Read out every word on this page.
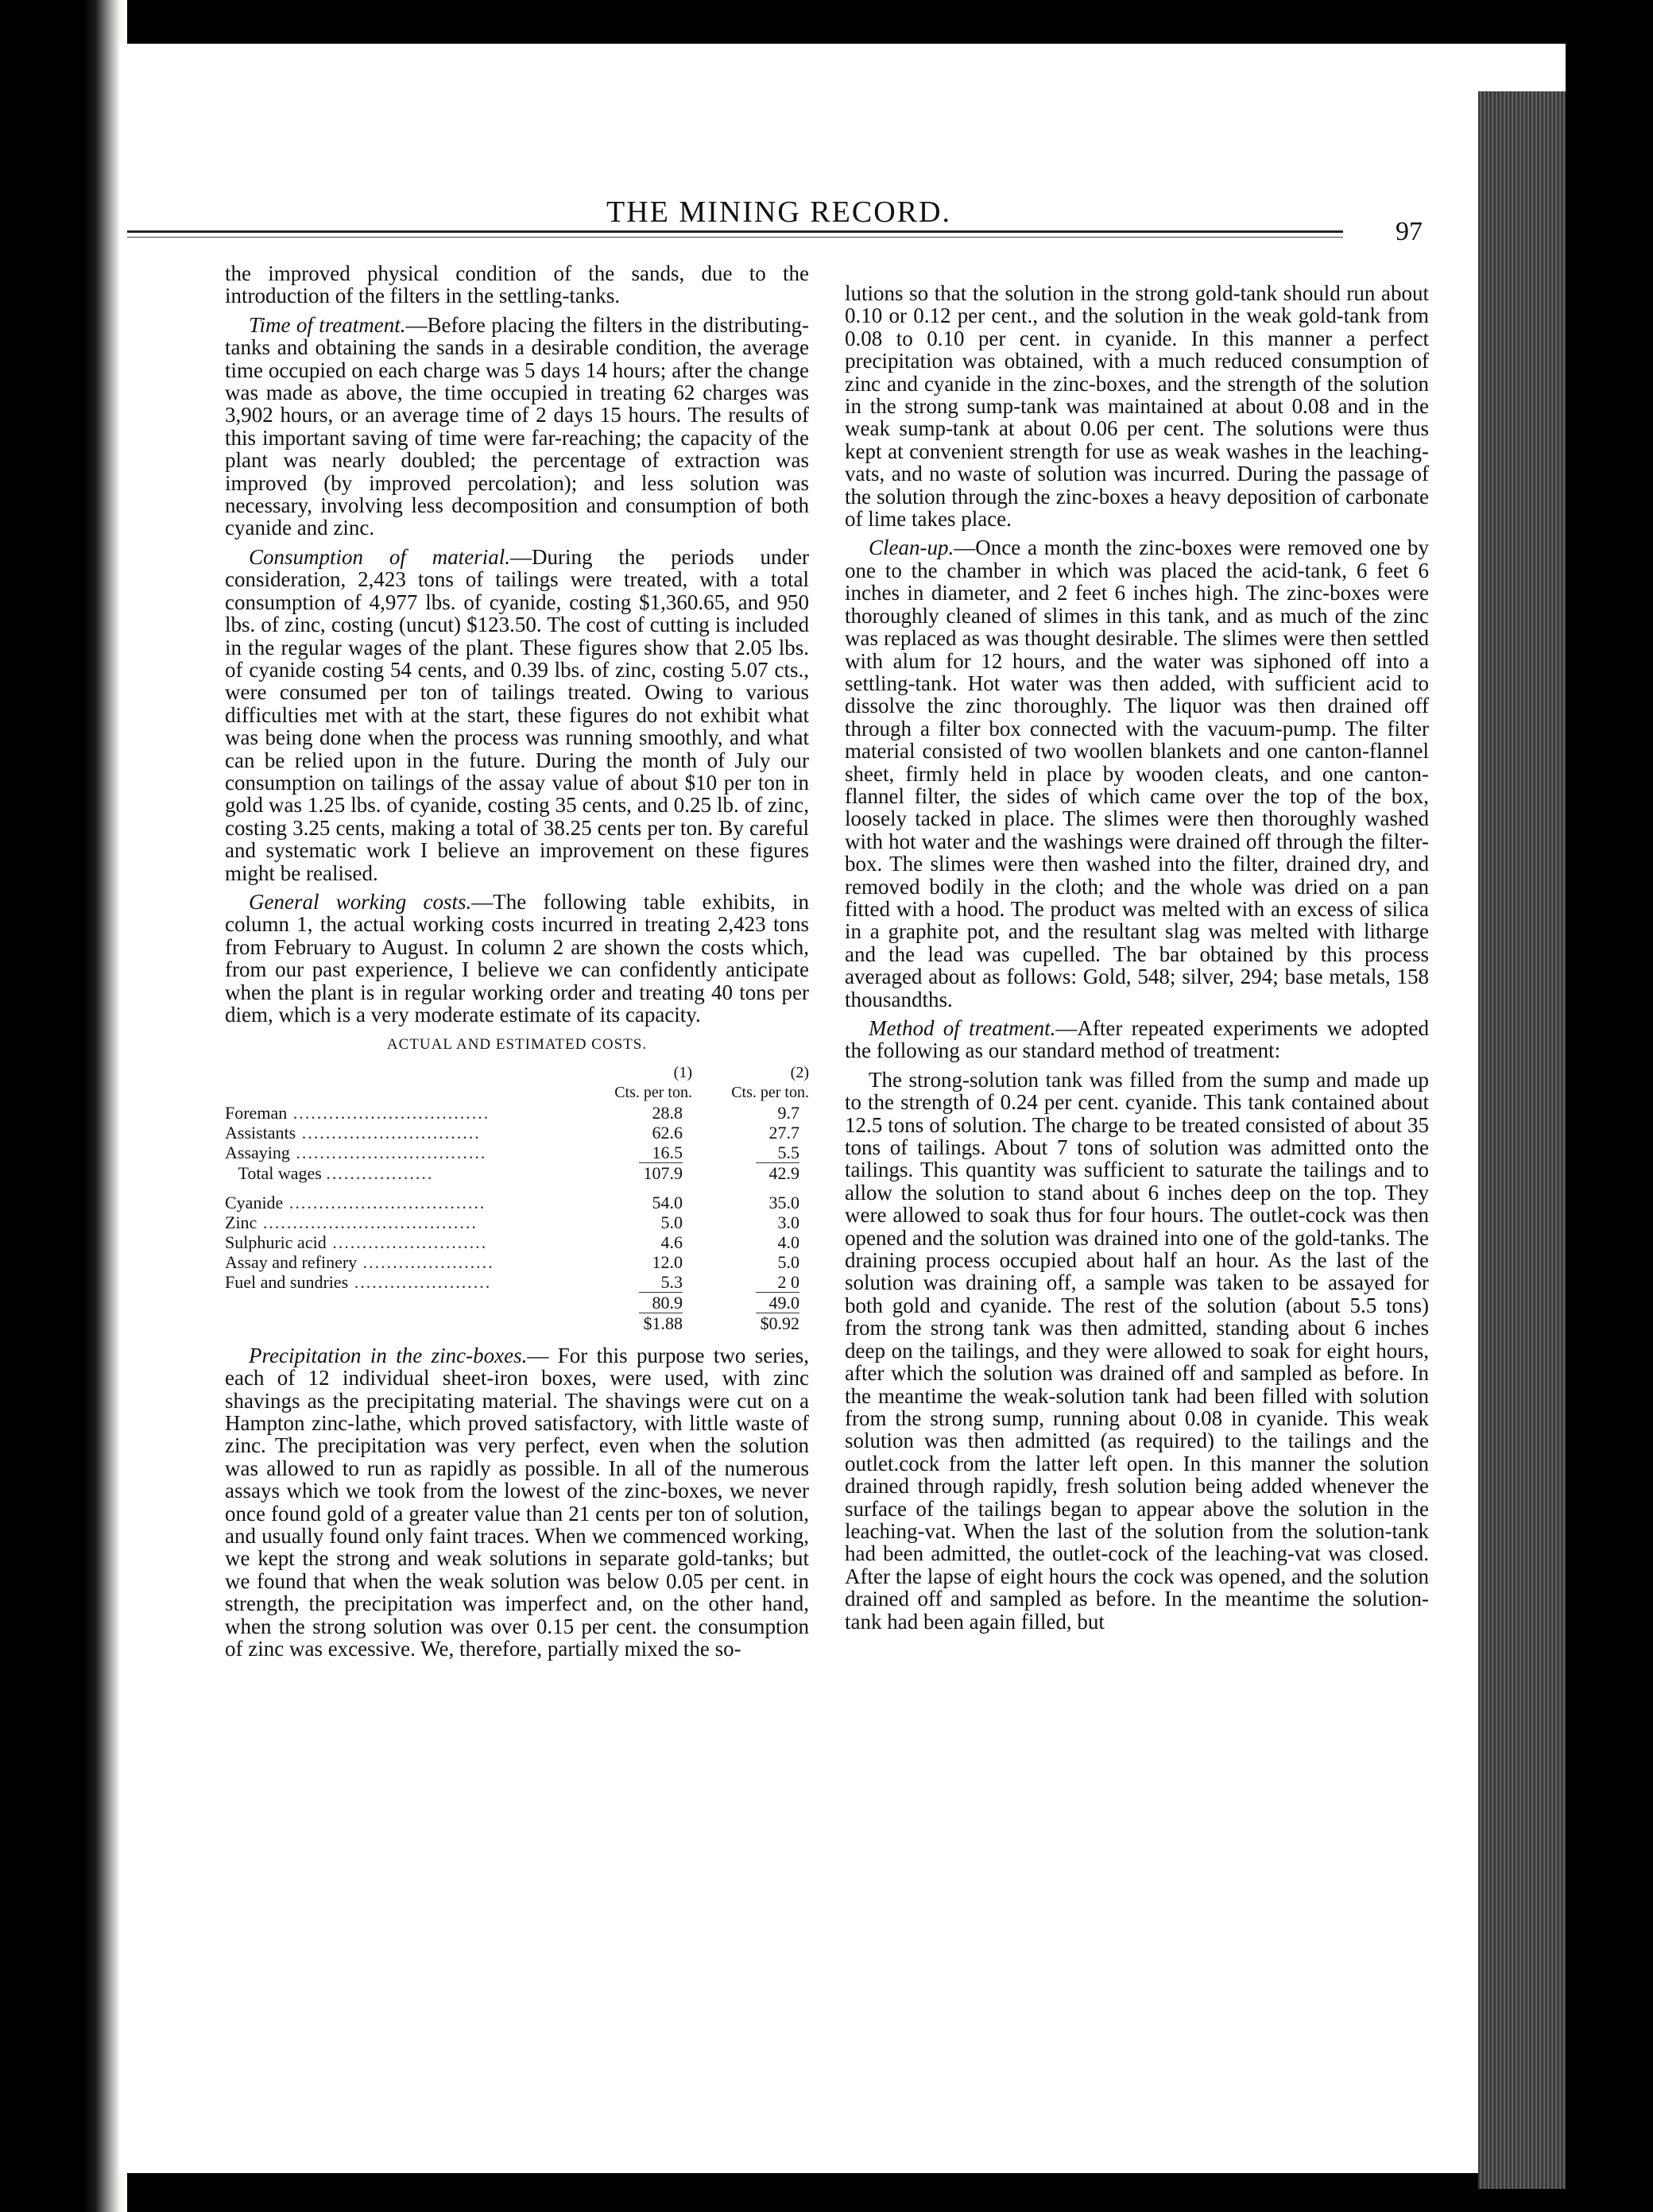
THE MINING RECORD.
97

the improved physical condition of the sands, due to the introduction of the filters in the settling-tanks.

Time of treatment.—Before placing the filters in the distributing-tanks and obtaining the sands in a desirable condition, the average time occupied on each charge was 5 days 14 hours; after the change was made as above, the time occupied in treating 62 charges was 3,902 hours, or an average time of 2 days 15 hours. The results of this important saving of time were far-reaching; the capacity of the plant was nearly doubled; the percentage of extraction was improved (by improved percolation); and less solution was necessary, involving less decomposition and consumption of both cyanide and zinc.

Consumption of material.—During the periods under consideration, 2,423 tons of tailings were treated, with a total consumption of 4,977 lbs. of cyanide, costing $1,360.65, and 950 lbs. of zinc, costing (uncut) $123.50. The cost of cutting is included in the regular wages of the plant. These figures show that 2.05 lbs. of cyanide costing 54 cents, and 0.39 lbs. of zinc, costing 5.07 cts., were consumed per ton of tailings treated. Owing to various difficulties met with at the start, these figures do not exhibit what was being done when the process was running smoothly, and what can be relied upon in the future. During the month of July our consumption on tailings of the assay value of about $10 per ton in gold was 1.25 lbs. of cyanide, costing 35 cents, and 0.25 lb. of zinc, costing 3.25 cents, making a total of 38.25 cents per ton. By careful and systematic work I believe an improvement on these figures might be realised.

General working costs.—The following table exhibits, in column 1, the actual working costs incurred in treating 2,423 tons from February to August. In column 2 are shown the costs which, from our past experience, I believe we can confidently anticipate when the plant is in regular working order and treating 40 tons per diem, which is a very moderate estimate of its capacity.

ACTUAL AND ESTIMATED COSTS.
	(1)	(2)
	Cts. per ton.	Cts. per ton.
Foreman .................................	28.8	9.7
Assistants ..............................	62.6	27.7
Assaying ................................	16.5	5.5

Total wages ..................	107.9	42.9

Cyanide .................................	54.0	35.0
Zinc ....................................	5.0	3.0
Sulphuric acid ..........................	4.6	4.0
Assay and refinery ......................	12.0	5.0
Fuel and sundries .......................	5.3	2 0

	80.9	49.0

	$1.88	$0.92

Precipitation in the zinc-boxes.— For this purpose two series, each of 12 individual sheet-iron boxes, were used, with zinc shavings as the precipitating material. The shavings were cut on a Hampton zinc-lathe, which proved satisfactory, with little waste of zinc. The precipitation was very perfect, even when the solution was allowed to run as rapidly as possible. In all of the numerous assays which we took from the lowest of the zinc-boxes, we never once found gold of a greater value than 21 cents per ton of solution, and usually found only faint traces. When we commenced working, we kept the strong and weak solutions in separate gold-tanks; but we found that when the weak solution was below 0.05 per cent. in strength, the precipitation was imperfect and, on the other hand, when the strong solution was over 0.15 per cent. the consumption of zinc was excessive. We, therefore, partially mixed the so-

lutions so that the solution in the strong gold-tank should run about 0.10 or 0.12 per cent., and the solution in the weak gold-tank from 0.08 to 0.10 per cent. in cyanide. In this manner a perfect precipitation was obtained, with a much reduced consumption of zinc and cyanide in the zinc-boxes, and the strength of the solution in the strong sump-tank was maintained at about 0.08 and in the weak sump-tank at about 0.06 per cent. The solutions were thus kept at convenient strength for use as weak washes in the leaching-vats, and no waste of solution was incurred. During the passage of the solution through the zinc-boxes a heavy deposition of carbonate of lime takes place.

Clean-up.—Once a month the zinc-boxes were removed one by one to the chamber in which was placed the acid-tank, 6 feet 6 inches in diameter, and 2 feet 6 inches high. The zinc-boxes were thoroughly cleaned of slimes in this tank, and as much of the zinc was replaced as was thought desirable. The slimes were then settled with alum for 12 hours, and the water was siphoned off into a settling-tank. Hot water was then added, with sufficient acid to dissolve the zinc thoroughly. The liquor was then drained off through a filter box connected with the vacuum-pump. The filter material consisted of two woollen blankets and one canton-flannel sheet, firmly held in place by wooden cleats, and one canton-flannel filter, the sides of which came over the top of the box, loosely tacked in place. The slimes were then thoroughly washed with hot water and the washings were drained off through the filter-box. The slimes were then washed into the filter, drained dry, and removed bodily in the cloth; and the whole was dried on a pan fitted with a hood. The product was melted with an excess of silica in a graphite pot, and the resultant slag was melted with litharge and the lead was cupelled. The bar obtained by this process averaged about as follows: Gold, 548; silver, 294; base metals, 158 thousandths.

Method of treatment.—After repeated experiments we adopted the following as our standard method of treatment:

The strong-solution tank was filled from the sump and made up to the strength of 0.24 per cent. cyanide. This tank contained about 12.5 tons of solution. The charge to be treated consisted of about 35 tons of tailings. About 7 tons of solution was admitted onto the tailings. This quantity was sufficient to saturate the tailings and to allow the solution to stand about 6 inches deep on the top. They were allowed to soak thus for four hours. The outlet-cock was then opened and the solution was drained into one of the gold-tanks. The draining process occupied about half an hour. As the last of the solution was draining off, a sample was taken to be assayed for both gold and cyanide. The rest of the solution (about 5.5 tons) from the strong tank was then admitted, standing about 6 inches deep on the tailings, and they were allowed to soak for eight hours, after which the solution was drained off and sampled as before. In the meantime the weak-solution tank had been filled with solution from the strong sump, running about 0.08 in cyanide. This weak solution was then admitted (as required) to the tailings and the outlet.cock from the latter left open. In this manner the solution drained through rapidly, fresh solution being added whenever the surface of the tailings began to appear above the solution in the leaching-vat. When the last of the solution from the solution-tank had been admitted, the outlet-cock of the leaching-vat was closed. After the lapse of eight hours the cock was opened, and the solution drained off and sampled as before. In the meantime the solution-tank had been again filled, but
